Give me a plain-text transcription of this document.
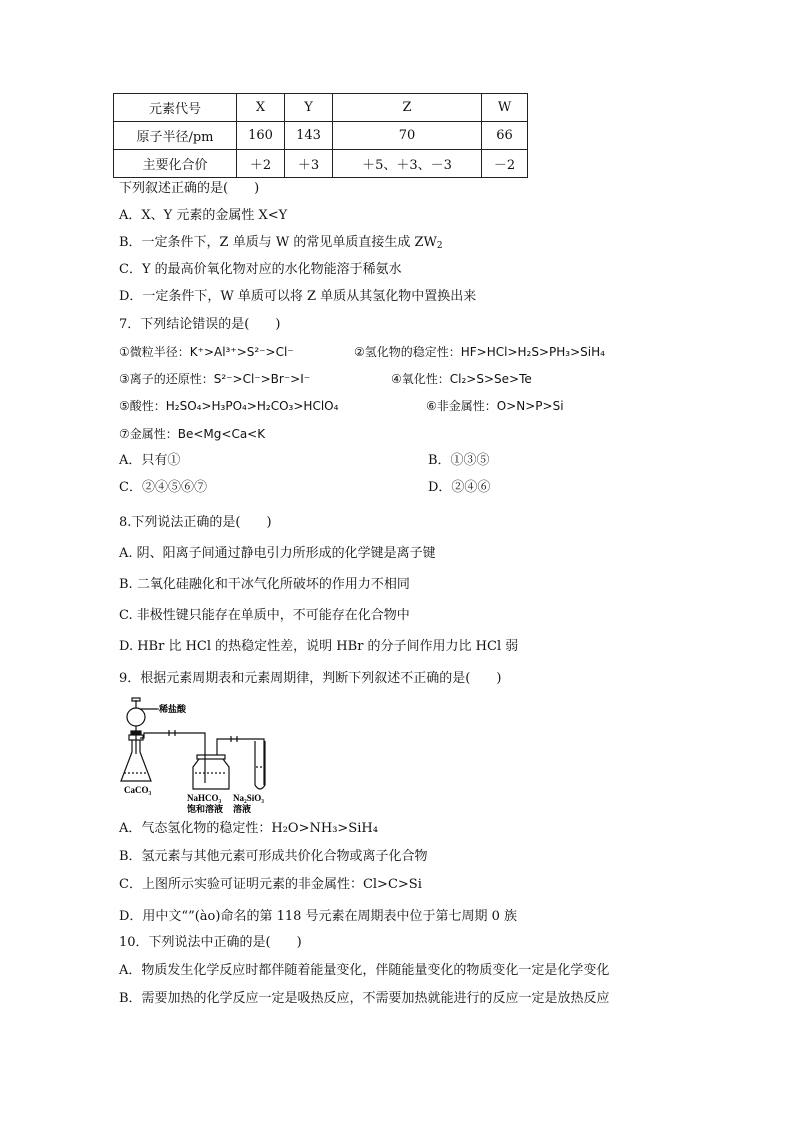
元素代号	X	Y	Z	W
原子半径/pm	160	143	70	66
主要化合价	＋2	＋3	＋5、＋3、－3	－2
下列叙述正确的是(　　)
A．X、Y 元素的金属性 X<Y
B．一定条件下，Z 单质与 W 的常见单质直接生成 $ZW_2$
C．Y 的最高价氧化物对应的水化物能溶于稀氨水
D．一定条件下，W 单质可以将 Z 单质从其氢化物中置换出来
7．下列结论错误的是(　　)
①微粒半径：K⁺>Al³⁺>S²⁻>Cl⁻	②氢化物的稳定性：HF>HCl>H₂S>PH₃>SiH₄
③离子的还原性：S²⁻>Cl⁻>Br⁻>I⁻	④氧化性：Cl₂>S>Se>Te
⑤酸性：H₂SO₄>H₃PO₄>H₂CO₃>HClO₄	⑥非金属性：O>N>P>Si
⑦金属性：Be<Mg<Ca<K
A．只有①	B．①③⑤
C．②④⑤⑥⑦	D．②④⑥
8.下列说法正确的是(　　)
A. 阴、阳离子间通过静电引力所形成的化学键是离子键
B. 二氧化硅融化和干冰气化所破坏的作用力不相同
C. 非极性键只能存在单质中，不可能存在化合物中
D. HBr 比 HCl 的热稳定性差，说明 HBr 的分子间作用力比 HCl 弱
9．根据元素周期表和元素周期律，判断下列叙述不正确的是(　　)
稀盐酸
CaCO₃
NaHCO₃
饱和溶液
Na₂SiO₃
溶液
A．气态氢化物的稳定性：H₂O>NH₃>SiH₄
B．氢元素与其他元素可形成共价化合物或离子化合物
C．上图所示实验可证明元素的非金属性：Cl>C>Si
D．用中文“”(ào)命名的第 118 号元素在周期表中位于第七周期 0 族
10．下列说法中正确的是(　　)
A．物质发生化学反应时都伴随着能量变化，伴随能量变化的物质变化一定是化学变化
B．需要加热的化学反应一定是吸热反应，不需要加热就能进行的反应一定是放热反应
